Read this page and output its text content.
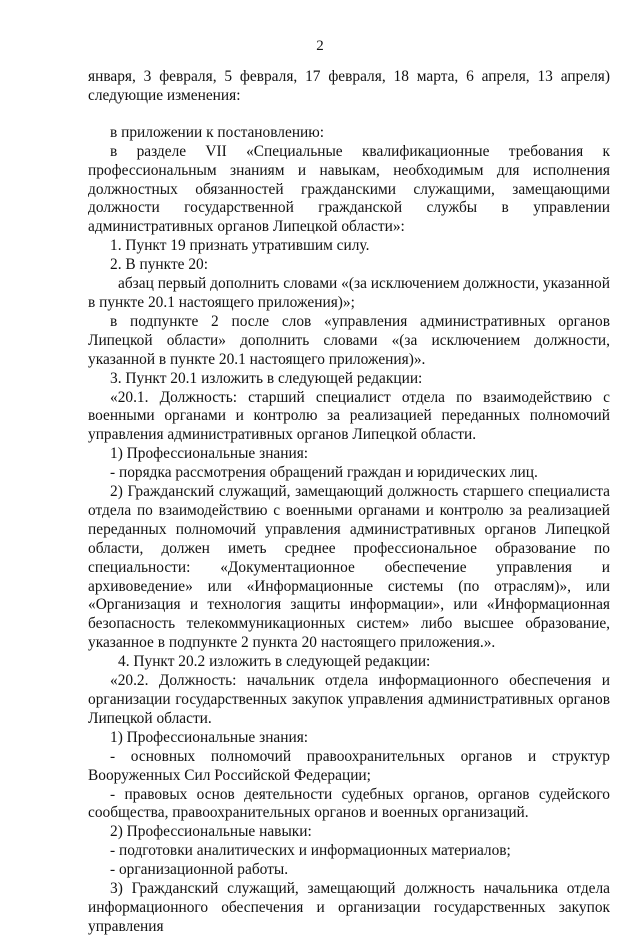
2

января, 3 февраля, 5 февраля, 17 февраля, 18 марта, 6 апреля, 13 апреля) следующие изменения:

в приложении к постановлению:

в разделе VII «Специальные квалификационные требования к профессиональным знаниям и навыкам, необходимым для исполнения должностных обязанностей гражданскими служащими, замещающими должности государственной гражданской службы в управлении административных органов Липецкой области»:

1. Пункт 19 признать утратившим силу.

2. В пункте 20:

абзац первый дополнить словами «(за исключением должности, указанной в пункте 20.1 настоящего приложения)»;

в подпункте 2 после слов «управления административных органов Липецкой области» дополнить словами «(за исключением должности, указанной в пункте 20.1 настоящего приложения)».

3. Пункт 20.1 изложить в следующей редакции:

«20.1. Должность: старший специалист отдела по взаимодействию с военными органами и контролю за реализацией переданных полномочий управления административных органов Липецкой области.

1) Профессиональные знания:

- порядка рассмотрения обращений граждан и юридических лиц.

2) Гражданский служащий, замещающий должность старшего специалиста отдела по взаимодействию с военными органами и контролю за реализацией переданных полномочий управления административных органов Липецкой области, должен иметь среднее профессиональное образование по специальности: «Документационное обеспечение управления и архивоведение» или «Информационные системы (по отраслям)», или «Организация и технология защиты информации», или «Информационная безопасность телекоммуникационных систем» либо высшее образование, указанное в подпункте 2 пункта 20 настоящего приложения.».

4. Пункт 20.2 изложить в следующей редакции:

«20.2. Должность: начальник отдела информационного обеспечения и организации государственных закупок управления административных органов Липецкой области.

1) Профессиональные знания:

- основных полномочий правоохранительных органов и структур Вооруженных Сил Российской Федерации;

- правовых основ деятельности судебных органов, органов судейского сообщества, правоохранительных органов и военных организаций.

2) Профессиональные навыки:

- подготовки аналитических и информационных материалов;

- организационной работы.

3) Гражданский служащий, замещающий должность начальника отдела информационного обеспечения и организации государственных закупок управления
